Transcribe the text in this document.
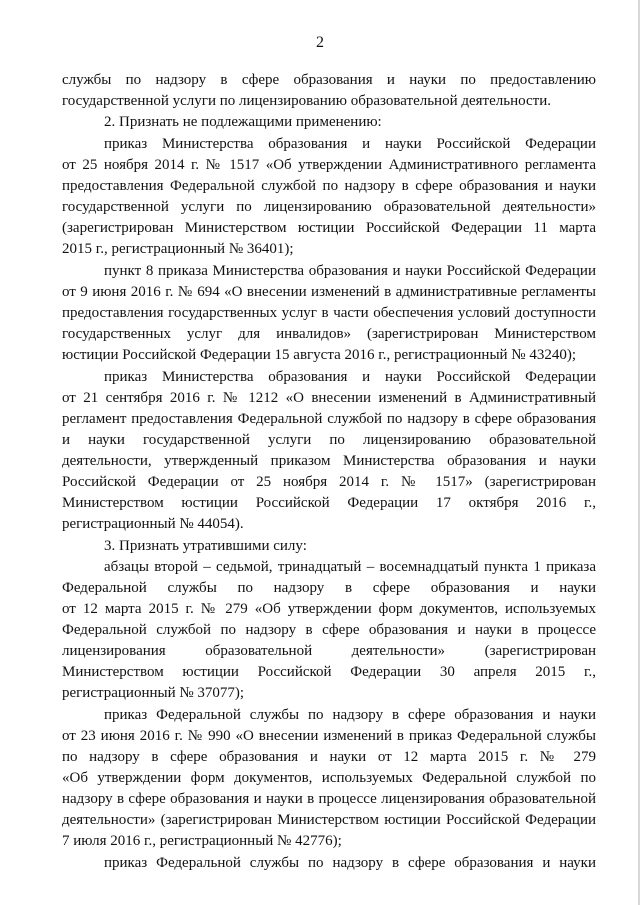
2
службы по надзору в сфере образования и науки по предоставлению
государственной услуги по лицензированию образовательной деятельности.
2. Признать не подлежащими применению:
приказ Министерства образования и науки Российской Федерации
от 25 ноября 2014 г. № 1517 «Об утверждении Административного регламента
предоставления Федеральной службой по надзору в сфере образования и науки
государственной услуги по лицензированию образовательной деятельности»
(зарегистрирован Министерством юстиции Российской Федерации 11 марта
2015 г., регистрационный № 36401);
пункт 8 приказа Министерства образования и науки Российской Федерации
от 9 июня 2016 г. № 694 «О внесении изменений в административные регламенты
предоставления государственных услуг в части обеспечения условий доступности
государственных услуг для инвалидов» (зарегистрирован Министерством
юстиции Российской Федерации 15 августа 2016 г., регистрационный № 43240);
приказ Министерства образования и науки Российской Федерации
от 21 сентября 2016 г. № 1212 «О внесении изменений в Административный
регламент предоставления Федеральной службой по надзору в сфере образования
и науки государственной услуги по лицензированию образовательной
деятельности, утвержденный приказом Министерства образования и науки
Российской Федерации от 25 ноября 2014 г. № 1517» (зарегистрирован
Министерством юстиции Российской Федерации 17 октября 2016 г.,
регистрационный № 44054).
3. Признать утратившими силу:
абзацы второй – седьмой, тринадцатый – восемнадцатый пункта 1 приказа
Федеральной службы по надзору в сфере образования и науки
от 12 марта 2015 г. № 279 «Об утверждении форм документов, используемых
Федеральной службой по надзору в сфере образования и науки в процессе
лицензирования образовательной деятельности» (зарегистрирован
Министерством юстиции Российской Федерации 30 апреля 2015 г.,
регистрационный № 37077);
приказ Федеральной службы по надзору в сфере образования и науки
от 23 июня 2016 г. № 990 «О внесении изменений в приказ Федеральной службы
по надзору в сфере образования и науки от 12 марта 2015 г. № 279
«Об утверждении форм документов, используемых Федеральной службой по
надзору в сфере образования и науки в процессе лицензирования образовательной
деятельности» (зарегистрирован Министерством юстиции Российской Федерации
7 июля 2016 г., регистрационный № 42776);
приказ Федеральной службы по надзору в сфере образования и науки
